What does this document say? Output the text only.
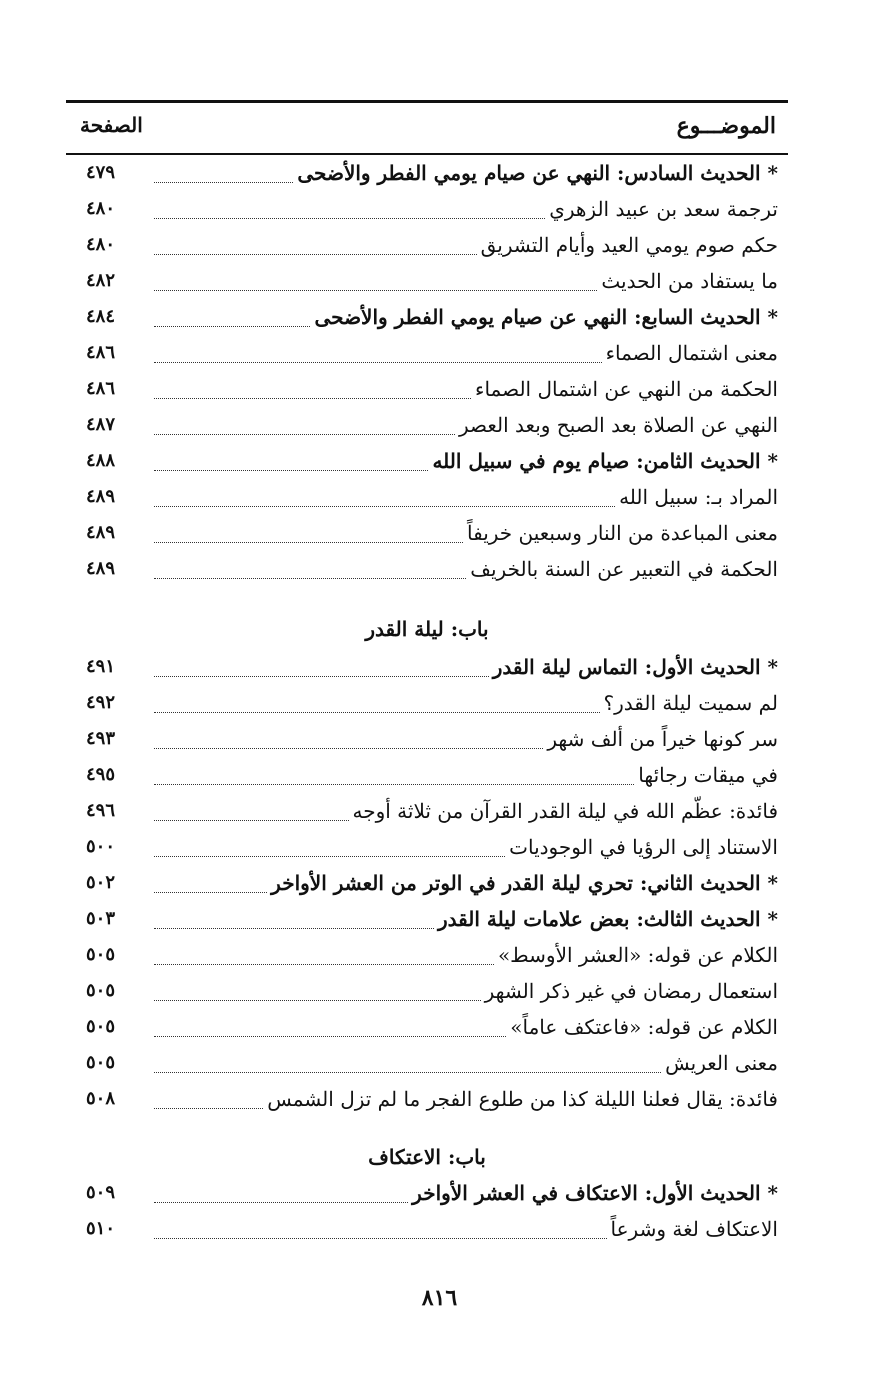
الموضـــوع
الصفحة
* الحديث السادس: النهي عن صيام يومي الفطر والأضحى
٤٧٩
ترجمة سعد بن عبيد الزهري
٤٨٠
حكم صوم يومي العيد وأيام التشريق
٤٨٠
ما يستفاد من الحديث
٤٨٢
* الحديث السابع: النهي عن صيام يومي الفطر والأضحى
٤٨٤
معنى اشتمال الصماء
٤٨٦
الحكمة من النهي عن اشتمال الصماء
٤٨٦
النهي عن الصلاة بعد الصبح وبعد العصر
٤٨٧
* الحديث الثامن: صيام يوم في سبيل الله
٤٨٨
المراد بـ: سبيل الله
٤٨٩
معنى المباعدة من النار وسبعين خريفاً
٤٨٩
الحكمة في التعبير عن السنة بالخريف
٤٨٩
باب: ليلة القدر
* الحديث الأول: التماس ليلة القدر
٤٩١
لم سميت ليلة القدر؟
٤٩٢
سر كونها خيراً من ألف شهر
٤٩٣
في ميقات رجائها
٤٩٥
فائدة: عظّم الله في ليلة القدر القرآن من ثلاثة أوجه
٤٩٦
الاستناد إلى الرؤيا في الوجوديات
٥٠٠
* الحديث الثاني: تحري ليلة القدر في الوتر من العشر الأواخر
٥٠٢
* الحديث الثالث: بعض علامات ليلة القدر
٥٠٣
الكلام عن قوله: «العشر الأوسط»
٥٠٥
استعمال رمضان في غير ذكر الشهر
٥٠٥
الكلام عن قوله: «فاعتكف عاماً»
٥٠٥
معنى العريش
٥٠٥
فائدة: يقال فعلنا الليلة كذا من طلوع الفجر ما لم تزل الشمس
٥٠٨
باب: الاعتكاف
* الحديث الأول: الاعتكاف في العشر الأواخر
٥٠٩
الاعتكاف لغة وشرعاً
٥١٠
٨١٦
